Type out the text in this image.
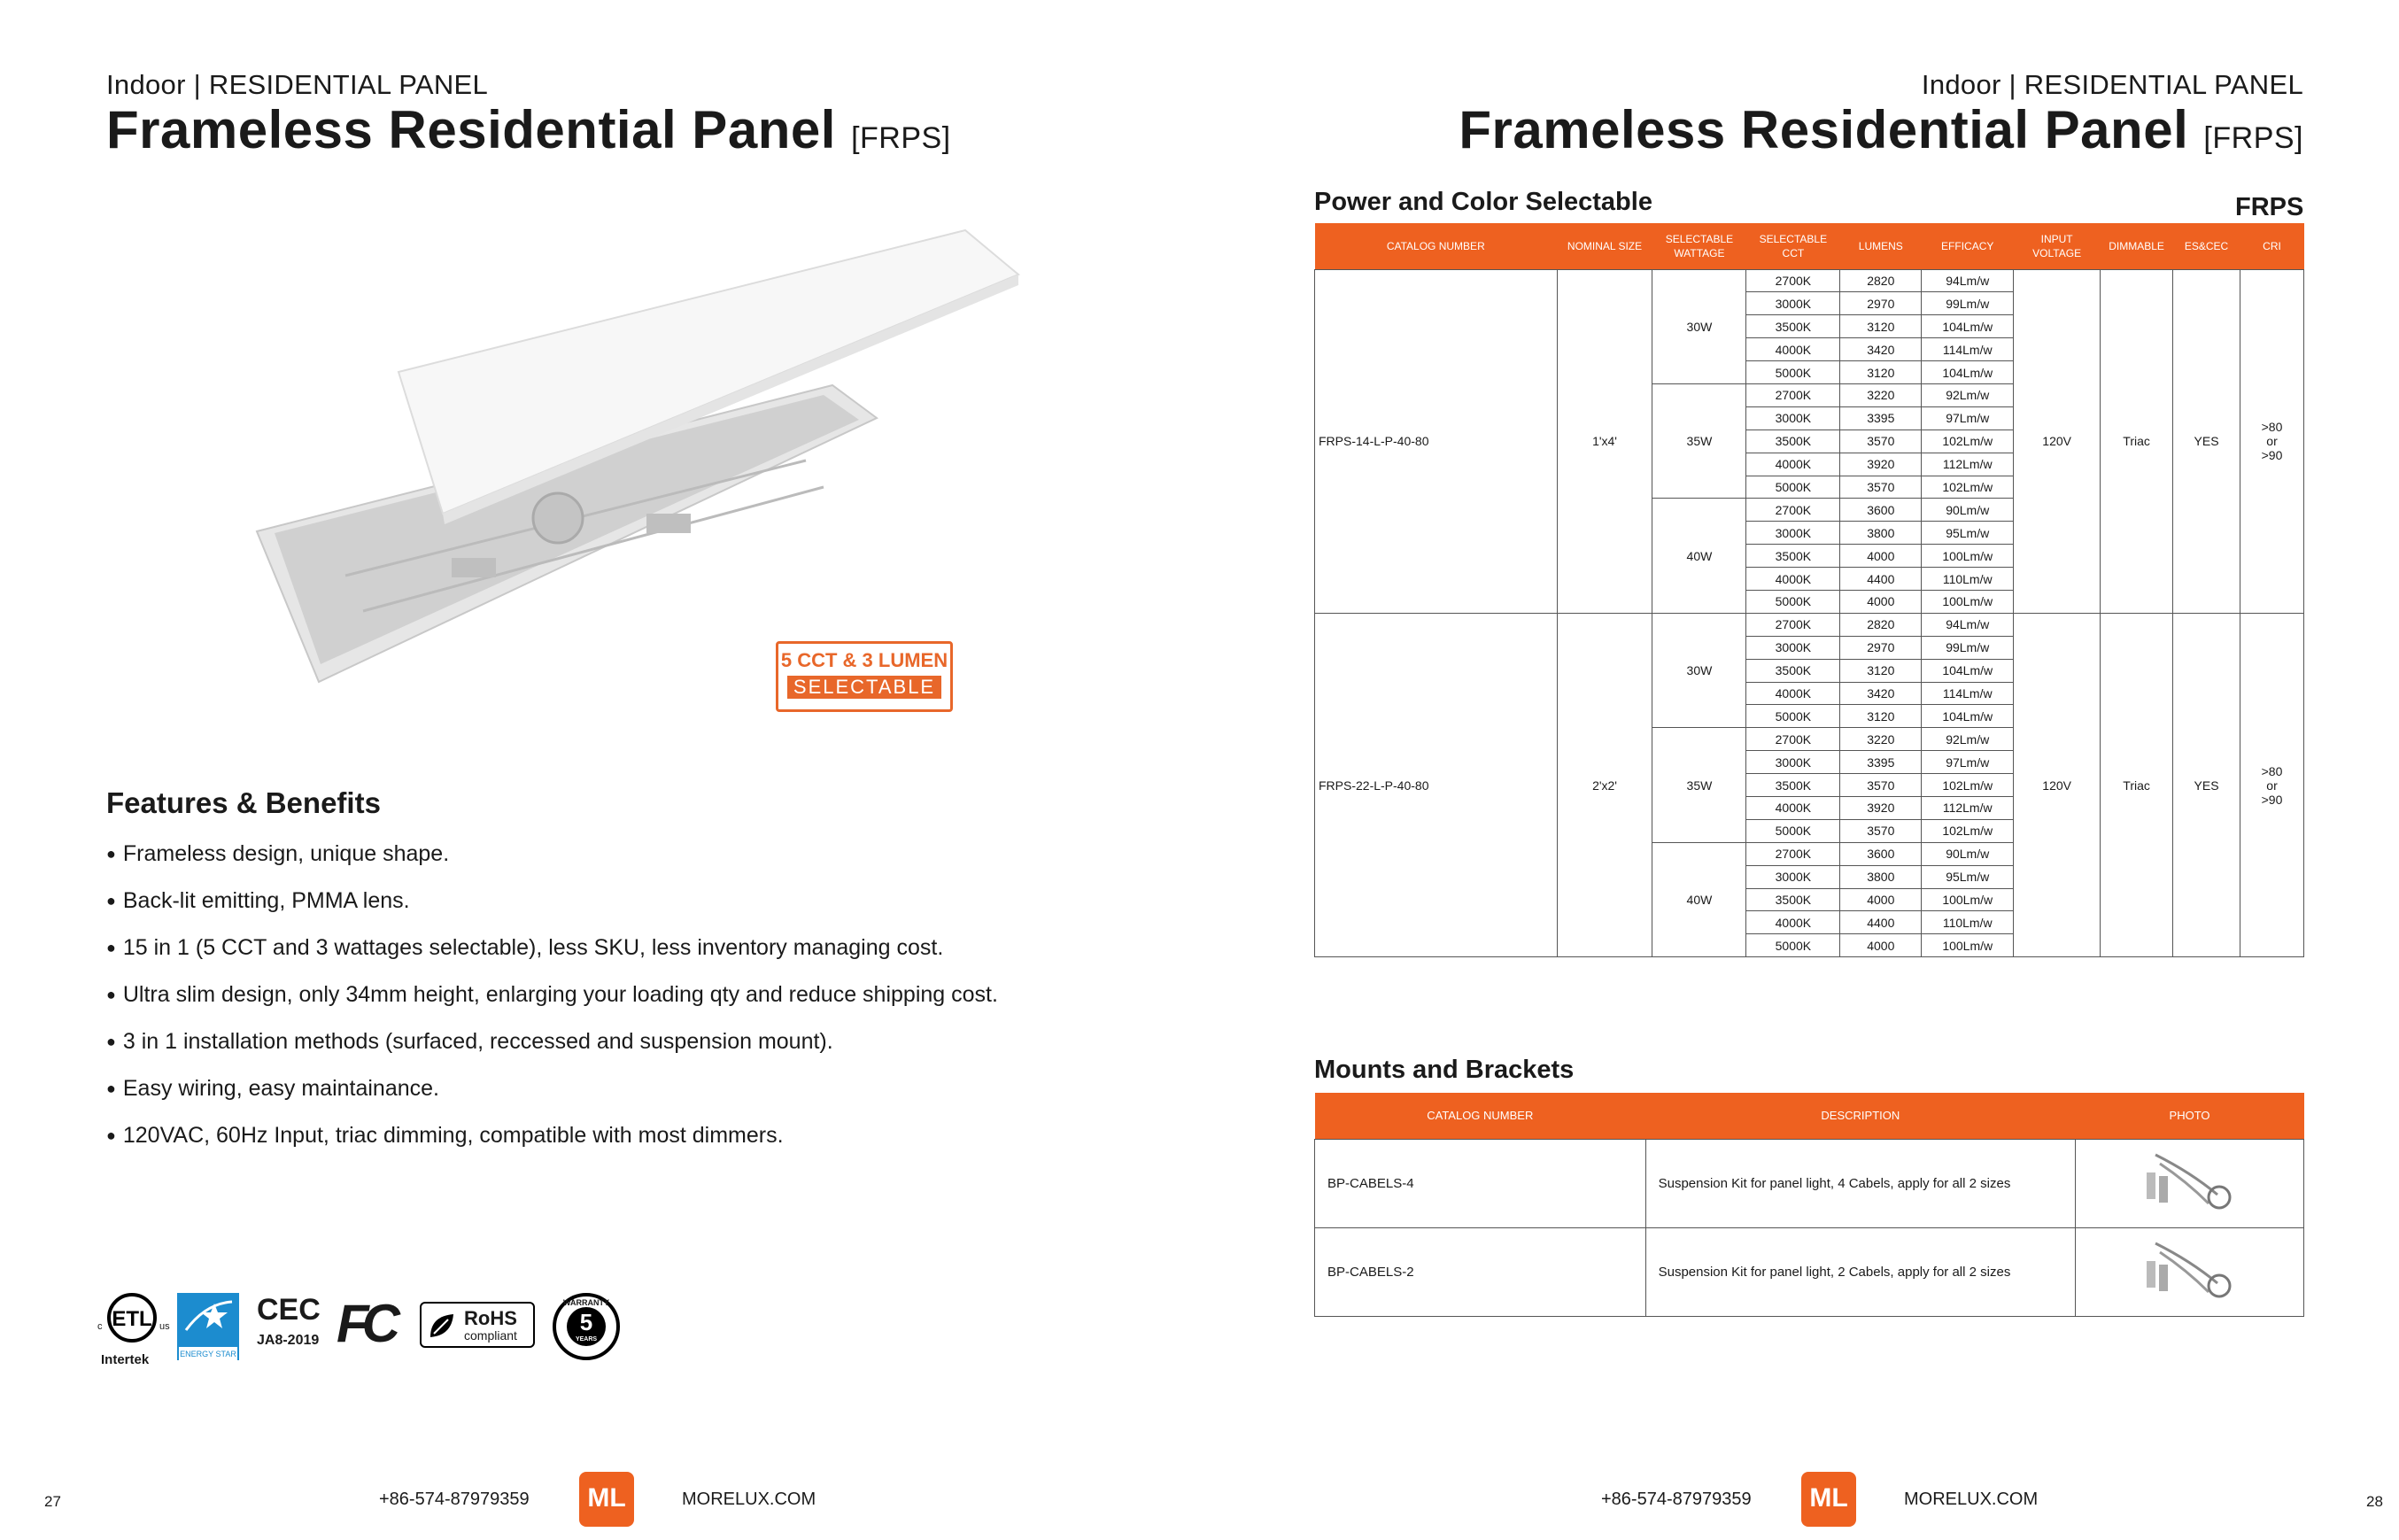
Indoor | RESIDENTIAL PANEL
Frameless Residential Panel [FRPS]
5 CCT & 3 LUMEN
SELECTABLE
Features & Benefits
● Frameless design, unique shape.
● Back-lit emitting, PMMA lens.
● 15 in 1 (5 CCT and 3 wattages selectable), less SKU, less inventory managing cost.
● Ultra slim design, only 34mm height, enlarging your loading qty and reduce shipping cost.
● 3 in 1 installation methods (surfaced, reccessed and suspension mount).
● Easy wiring, easy maintainance.
● 120VAC, 60Hz Input, triac dimming, compatible with most dimmers.
ETL
c	us
Intertek	ENERGY STAR
CEC
JA8-2019 FC	RoHS
compliant
WARRANTY
5
YEARS
27	+86-574-87979359	ML	MORELUX.COM
Indoor | RESIDENTIAL PANEL
Frameless Residential Panel [FRPS]
Power and Color Selectable	FRPS
CATALOG NUMBER	NOMINAL SIZE	SELECTABLE WATTAGE	SELECTABLE CCT	LUMENS	EFFICACY	INPUT VOLTAGE	DIMMABLE	ES&CEC	CRI
FRPS-14-L-P-40-80	1'x4'	30W	2700K	2820	94Lm/w	120V	Triac	YES	>80
or
>90

			3000K	2970	99Lm/w				
			3500K	3120	104Lm/w				
			4000K	3420	114Lm/w				
			5000K	3120	104Lm/w				
		35W	2700K	3220	92Lm/w				
			3000K	3395	97Lm/w				
			3500K	3570	102Lm/w				
			4000K	3920	112Lm/w				
			5000K	3570	102Lm/w				
		40W	2700K	3600	90Lm/w				
			3000K	3800	95Lm/w				
			3500K	4000	100Lm/w				
			4000K	4400	110Lm/w				
			5000K	4000	100Lm/w				
FRPS-22-L-P-40-80	2'x2'	30W	2700K	2820	94Lm/w	120V	Triac	YES	>80
or
>90

			3000K	2970	99Lm/w				
			3500K	3120	104Lm/w				
			4000K	3420	114Lm/w				
			5000K	3120	104Lm/w				
		35W	2700K	3220	92Lm/w				
			3000K	3395	97Lm/w				
			3500K	3570	102Lm/w				
			4000K	3920	112Lm/w				
			5000K	3570	102Lm/w				
		40W	2700K	3600	90Lm/w				
			3000K	3800	95Lm/w				
			3500K	4000	100Lm/w				
			4000K	4400	110Lm/w				
			5000K	4000	100Lm/w				
Mounts and Brackets
CATALOG NUMBER	DESCRIPTION	PHOTO
BP-CABELS-4	Suspension Kit for panel light, 4 Cabels, apply for all 2 sizes	
BP-CABELS-2	Suspension Kit for panel light, 2 Cabels, apply for all 2 sizes	
+86-574-87979359	ML	MORELUX.COM	28
